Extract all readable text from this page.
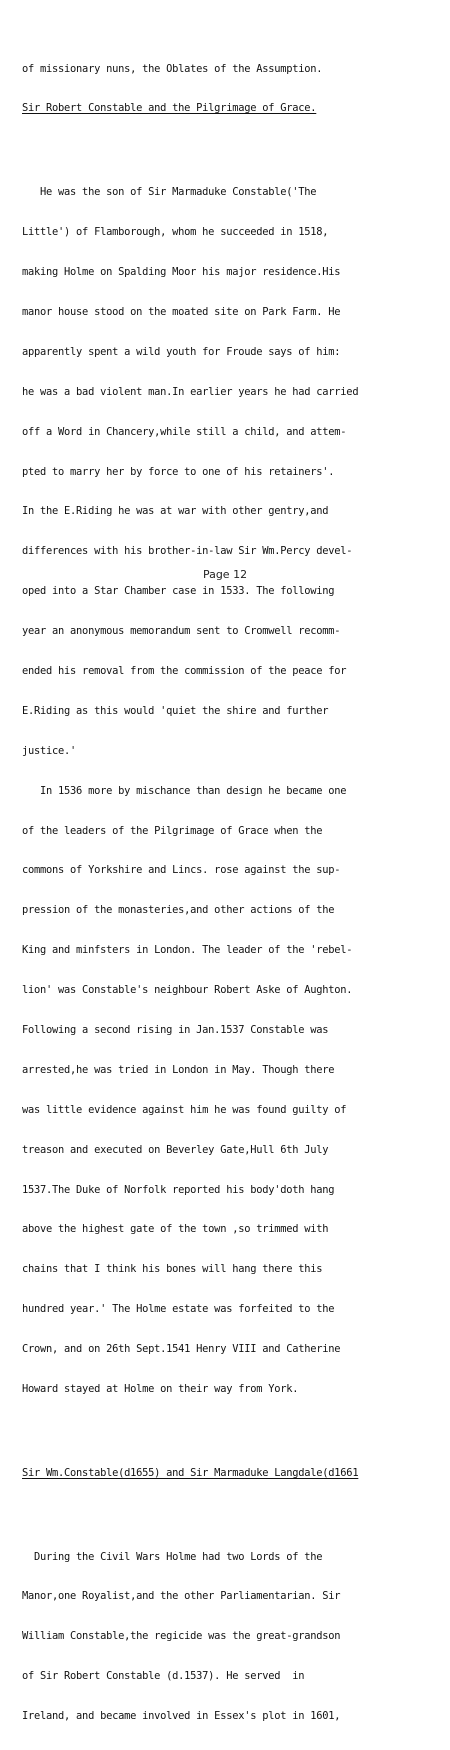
of missionary nuns, the Oblates of the Assumption.

Sir Robert Constable and the Pilgrimage of Grace.

He was the son of Sir Marmaduke Constable('The

Little') of Flamborough, whom he succeeded in 1518,

making Holme on Spalding Moor his major residence.His

manor house stood on the moated site on Park Farm. He

apparently spent a wild youth for Froude says of him:

he was a bad violent man.In earlier years he had carried

off a Word in Chancery,while still a child, and attem-

pted to marry her by force to one of his retainers'.

In the E.Riding he was at war with other gentry,and

differences with his brother-in-law Sir Wm.Percy devel-

oped into a Star Chamber case in 1533. The following

year an anonymous memorandum sent to Cromwell recomm-

ended his removal from the commission of the peace for

E.Riding as this would 'quiet the shire and further

justice.'

In 1536 more by mischance than design he became one

of the leaders of the Pilgrimage of Grace when the

commons of Yorkshire and Lincs. rose against the sup-

pression of the monasteries,and other actions of the

King and minfsters in London. The leader of the 'rebel-

lion' was Constable's neighbour Robert Aske of Aughton.

Following a second rising in Jan.1537 Constable was

arrested,he was tried in London in May. Though there

was little evidence against him he was found guilty of

treason and executed on Beverley Gate,Hull 6th July

1537.The Duke of Norfolk reported his body'doth hang

above the highest gate of the town ,so trimmed with

chains that I think his bones will hang there this

hundred year.' The Holme estate was forfeited to the

Crown, and on 26th Sept.1541 Henry VIII and Catherine

Howard stayed at Holme on their way from York.

Sir Wm.Constable(d1655) and Sir Marmaduke Langdale(d1661

During the Civil Wars Holme had two Lords of the

Manor,one Royalist,and the other Parliamentarian. Sir

William Constable,the regicide was the great-grandson

of Sir Robert Constable (d.1537). He served  in

Ireland, and became involved in Essex's plot in 1601,

Page 12
